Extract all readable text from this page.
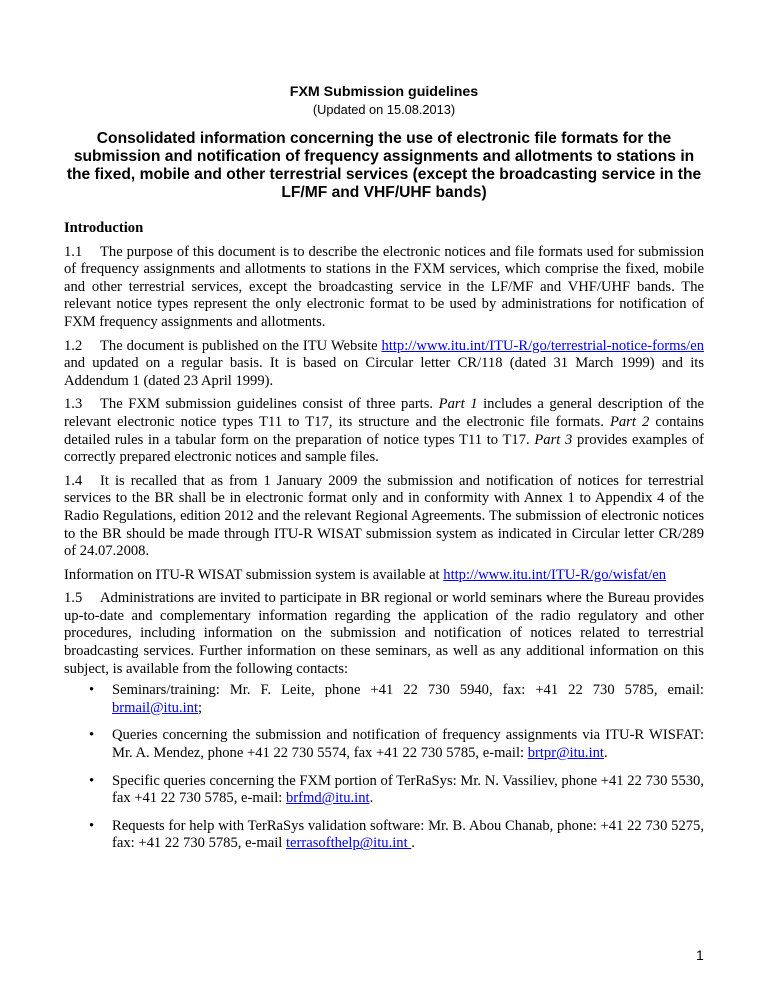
FXM Submission guidelines

(Updated on 15.08.2013)

Consolidated information concerning the use of electronic file formats for the submission and notification of frequency assignments and allotments to stations in the fixed, mobile and other terrestrial services (except the broadcasting service in the LF/MF and VHF/UHF bands)

Introduction

1.1 The purpose of this document is to describe the electronic notices and file formats used for submission of frequency assignments and allotments to stations in the FXM services, which comprise the fixed, mobile and other terrestrial services, except the broadcasting service in the LF/MF and VHF/UHF bands. The relevant notice types represent the only electronic format to be used by administrations for notification of FXM frequency assignments and allotments.

1.2 The document is published on the ITU Website http://www.itu.int/ITU-R/go/terrestrial-notice-forms/en and updated on a regular basis. It is based on Circular letter CR/118 (dated 31 March 1999) and its Addendum 1 (dated 23 April 1999).

1.3 The FXM submission guidelines consist of three parts. Part 1 includes a general description of the relevant electronic notice types T11 to T17, its structure and the electronic file formats. Part 2 contains detailed rules in a tabular form on the preparation of notice types T11 to T17. Part 3 provides examples of correctly prepared electronic notices and sample files.

1.4 It is recalled that as from 1 January 2009 the submission and notification of notices for terrestrial services to the BR shall be in electronic format only and in conformity with Annex 1 to Appendix 4 of the Radio Regulations, edition 2012 and the relevant Regional Agreements. The submission of electronic notices to the BR should be made through ITU-R WISAT submission system as indicated in Circular letter CR/289 of 24.07.2008.

Information on ITU-R WISAT submission system is available at http://www.itu.int/ITU-R/go/wisfat/en

1.5 Administrations are invited to participate in BR regional or world seminars where the Bureau provides up-to-date and complementary information regarding the application of the radio regulatory and other procedures, including information on the submission and notification of notices related to terrestrial broadcasting services. Further information on these seminars, as well as any additional information on this subject, is available from the following contacts:

• Seminars/training: Mr. F. Leite, phone +41 22 730 5940, fax: +41 22 730 5785, email: brmail@itu.int;
• Queries concerning the submission and notification of frequency assignments via ITU-R WISFAT: Mr. A. Mendez, phone +41 22 730 5574, fax +41 22 730 5785, e-mail: brtpr@itu.int.
• Specific queries concerning the FXM portion of TerRaSys: Mr. N. Vassiliev, phone +41 22 730 5530, fax +41 22 730 5785, e-mail: brfmd@itu.int.
• Requests for help with TerRaSys validation software: Mr. B. Abou Chanab, phone: +41 22 730 5275, fax: +41 22 730 5785, e-mail terrasofthelp@itu.int .
1
